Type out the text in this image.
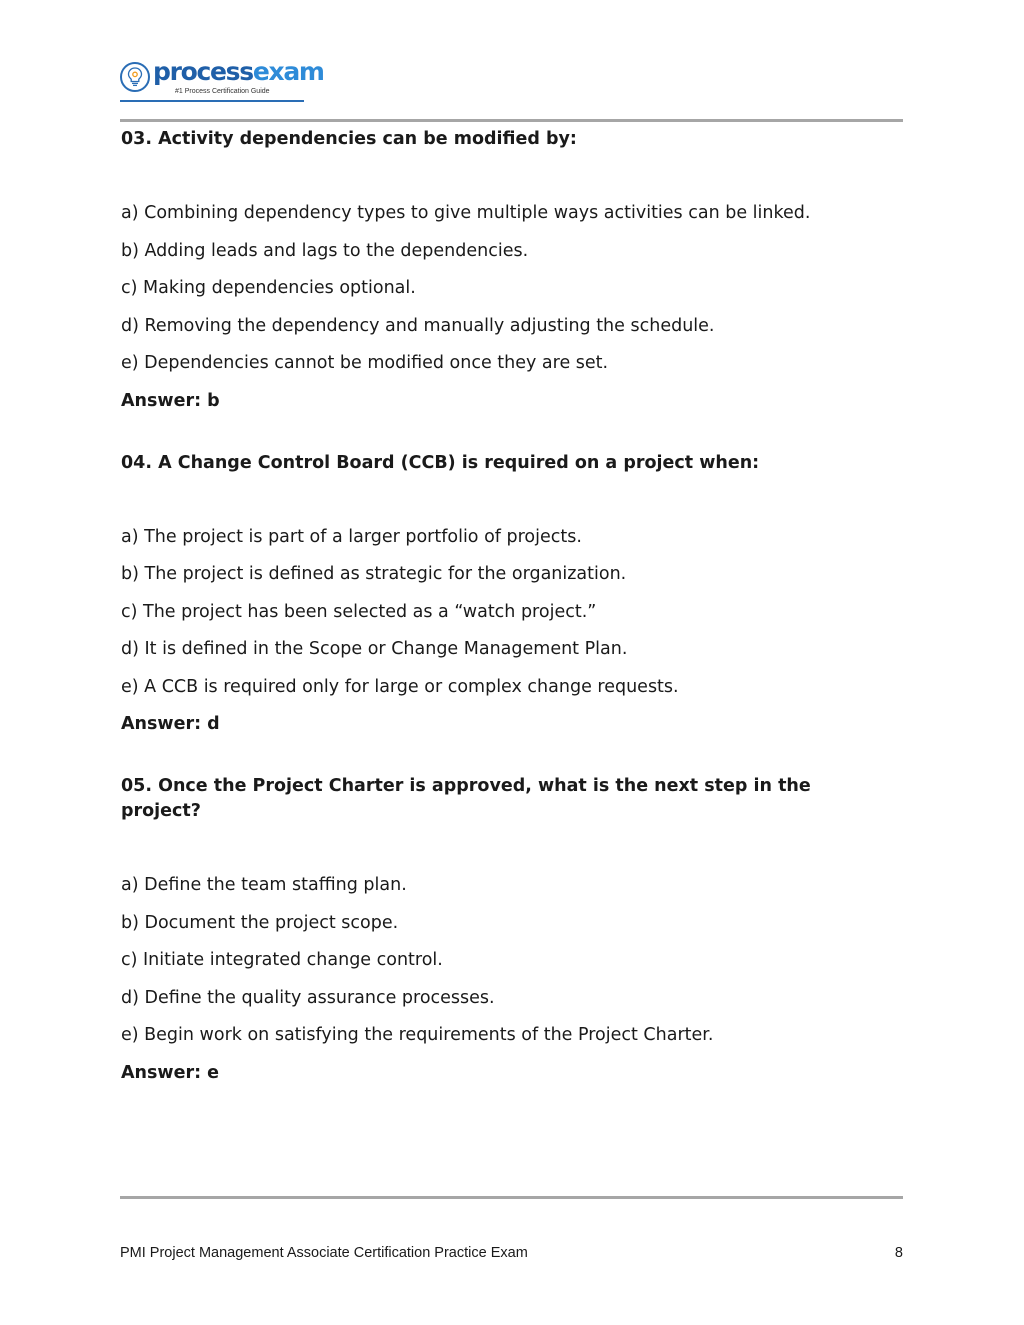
processexam
#1 Process Certification Guide

03. Activity dependencies can be modified by:

a) Combining dependency types to give multiple ways activities can be linked.

b) Adding leads and lags to the dependencies.

c) Making dependencies optional.

d) Removing the dependency and manually adjusting the schedule.

e) Dependencies cannot be modified once they are set.

Answer: b

04. A Change Control Board (CCB) is required on a project when:

a) The project is part of a larger portfolio of projects.

b) The project is defined as strategic for the organization.

c) The project has been selected as a “watch project.”

d) It is defined in the Scope or Change Management Plan.

e) A CCB is required only for large or complex change requests.

Answer: d

05. Once the Project Charter is approved, what is the next step in the project?

a) Define the team staffing plan.

b) Document the project scope.

c) Initiate integrated change control.

d) Define the quality assurance processes.

e) Begin work on satisfying the requirements of the Project Charter.

Answer: e

PMI Project Management Associate Certification Practice Exam	8
